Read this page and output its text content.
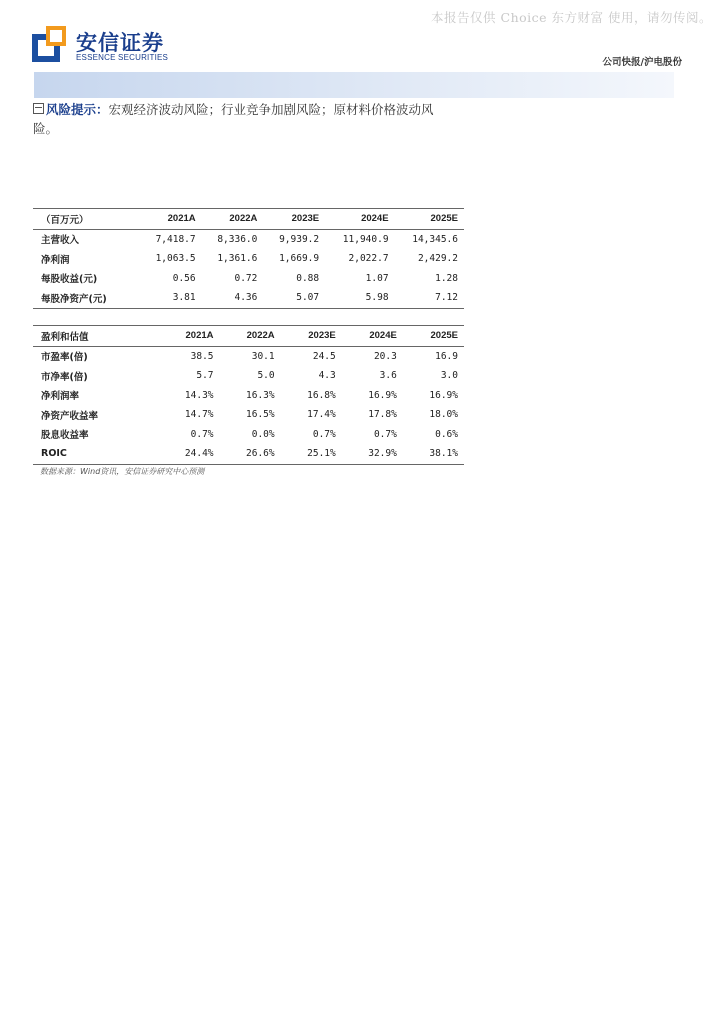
本报告仅供 Choice 东方财富 使用，请勿传阅。
安信证券
ESSENCE SECURITIES	公司快报/沪电股份
风险提示：宏观经济波动风险；行业竞争加剧风险；原材料价格波动风险。
（百万元）	2021A	2022A	2023E	2024E	2025E
主营收入	7,418.7	8,336.0	9,939.2	11,940.9	14,345.6
净利润	1,063.5	1,361.6	1,669.9	2,022.7	2,429.2
每股收益(元)	0.56	0.72	0.88	1.07	1.28
每股净资产(元)	3.81	4.36	5.07	5.98	7.12
盈利和估值	2021A	2022A	2023E	2024E	2025E
市盈率(倍)	38.5	30.1	24.5	20.3	16.9
市净率(倍)	5.7	5.0	4.3	3.6	3.0
净利润率	14.3%	16.3%	16.8%	16.9%	16.9%
净资产收益率	14.7%	16.5%	17.4%	17.8%	18.0%
股息收益率	0.7%	0.0%	0.7%	0.7%	0.6%
ROIC	24.4%	26.6%	25.1%	32.9%	38.1%
数据来源：Wind资讯，安信证券研究中心预测
